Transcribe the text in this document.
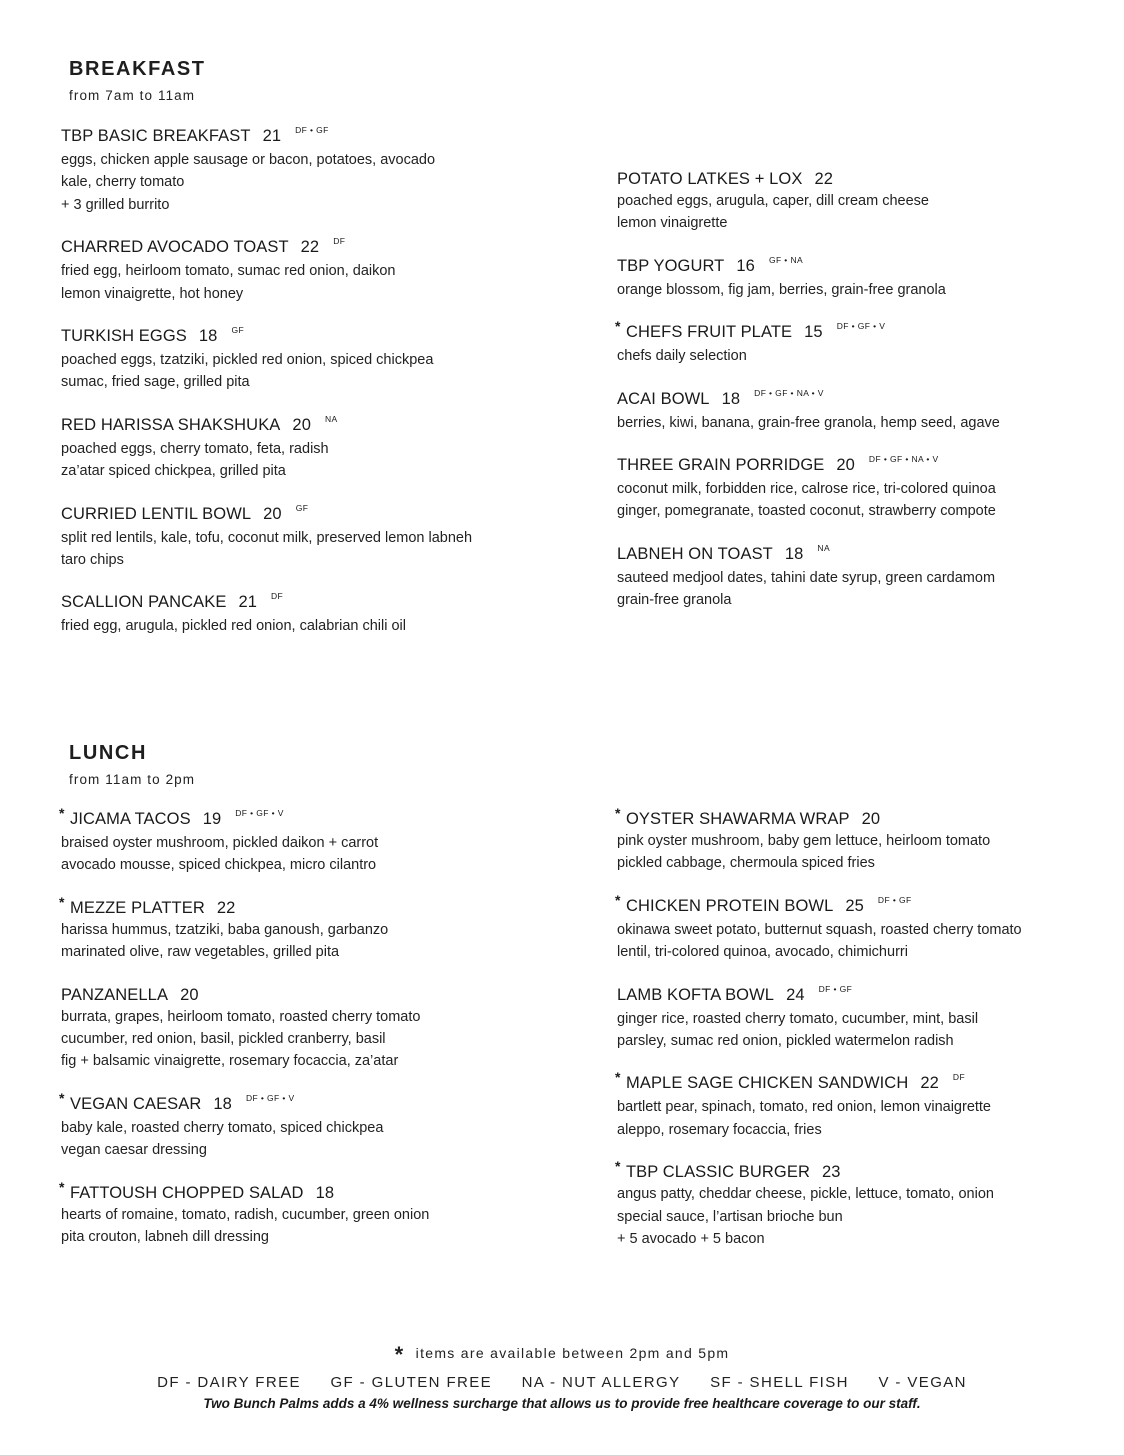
BREAKFAST
from 7am to 11am
TBP BASIC BREAKFAST 21 $^{DF • GF}$
eggs, chicken apple sausage or bacon, potatoes, avocado
kale, cherry tomato
+ 3 grilled burrito
CHARRED AVOCADO TOAST 22 $^{DF}$
fried egg, heirloom tomato, sumac red onion, daikon
lemon vinaigrette, hot honey
TURKISH EGGS 18 $^{GF}$
poached eggs, tzatziki, pickled red onion, spiced chickpea
sumac, fried sage, grilled pita
RED HARISSA SHAKSHUKA 20 $^{NA}$
poached eggs, cherry tomato, feta, radish
za’atar spiced chickpea, grilled pita
CURRIED LENTIL BOWL 20 $^{GF}$
split red lentils, kale, tofu, coconut milk, preserved lemon labneh
taro chips
SCALLION PANCAKE 21 $^{DF}$
fried egg, arugula, pickled red onion, calabrian chili oil
POTATO LATKES + LOX 22
poached eggs, arugula, caper, dill cream cheese
lemon vinaigrette
TBP YOGURT 16 $^{GF • NA}$
orange blossom, fig jam, berries, grain-free granola
* CHEFS FRUIT PLATE 15 $^{DF • GF • V}$
chefs daily selection
ACAI BOWL 18 $^{DF • GF • NA • V}$
berries, kiwi, banana, grain-free granola, hemp seed, agave
THREE GRAIN PORRIDGE 20 $^{DF • GF • NA • V}$
coconut milk, forbidden rice, calrose rice, tri-colored quinoa
ginger, pomegranate, toasted coconut, strawberry compote
LABNEH ON TOAST 18 $^{NA}$
sauteed medjool dates, tahini date syrup, green cardamom
grain-free granola
LUNCH
from 11am to 2pm
* JICAMA TACOS 19 $^{DF • GF • V}$
braised oyster mushroom, pickled daikon + carrot
avocado mousse, spiced chickpea, micro cilantro
* MEZZE PLATTER 22
harissa hummus, tzatziki, baba ganoush, garbanzo
marinated olive, raw vegetables, grilled pita
PANZANELLA 20
burrata, grapes, heirloom tomato, roasted cherry tomato
cucumber, red onion, basil, pickled cranberry, basil
fig + balsamic vinaigrette, rosemary focaccia, za’atar
* VEGAN CAESAR 18 $^{DF • GF • V}$
baby kale, roasted cherry tomato, spiced chickpea
vegan caesar dressing
* FATTOUSH CHOPPED SALAD 18
hearts of romaine, tomato, radish, cucumber, green onion
pita crouton, labneh dill dressing
* OYSTER SHAWARMA WRAP 20
pink oyster mushroom, baby gem lettuce, heirloom tomato
pickled cabbage, chermoula spiced fries
* CHICKEN PROTEIN BOWL 25 $^{DF • GF}$
okinawa sweet potato, butternut squash, roasted cherry tomato
lentil, tri-colored quinoa, avocado, chimichurri
LAMB KOFTA BOWL 24 $^{DF • GF}$
ginger rice, roasted cherry tomato, cucumber, mint, basil
parsley, sumac red onion, pickled watermelon radish
* MAPLE SAGE CHICKEN SANDWICH 22 $^{DF}$
bartlett pear, spinach, tomato, red onion, lemon vinaigrette
aleppo, rosemary focaccia, fries
* TBP CLASSIC BURGER 23
angus patty, cheddar cheese, pickle, lettuce, tomato, onion
special sauce, l’artisan brioche bun
+ 5 avocado + 5 bacon
* items are available between 2pm and 5pm
DF - DAIRY FREE GF - GLUTEN FREE NA - NUT ALLERGY SF - SHELL FISH V - VEGAN
Two Bunch Palms adds a 4% wellness surcharge that allows us to provide free healthcare coverage to our staff.
